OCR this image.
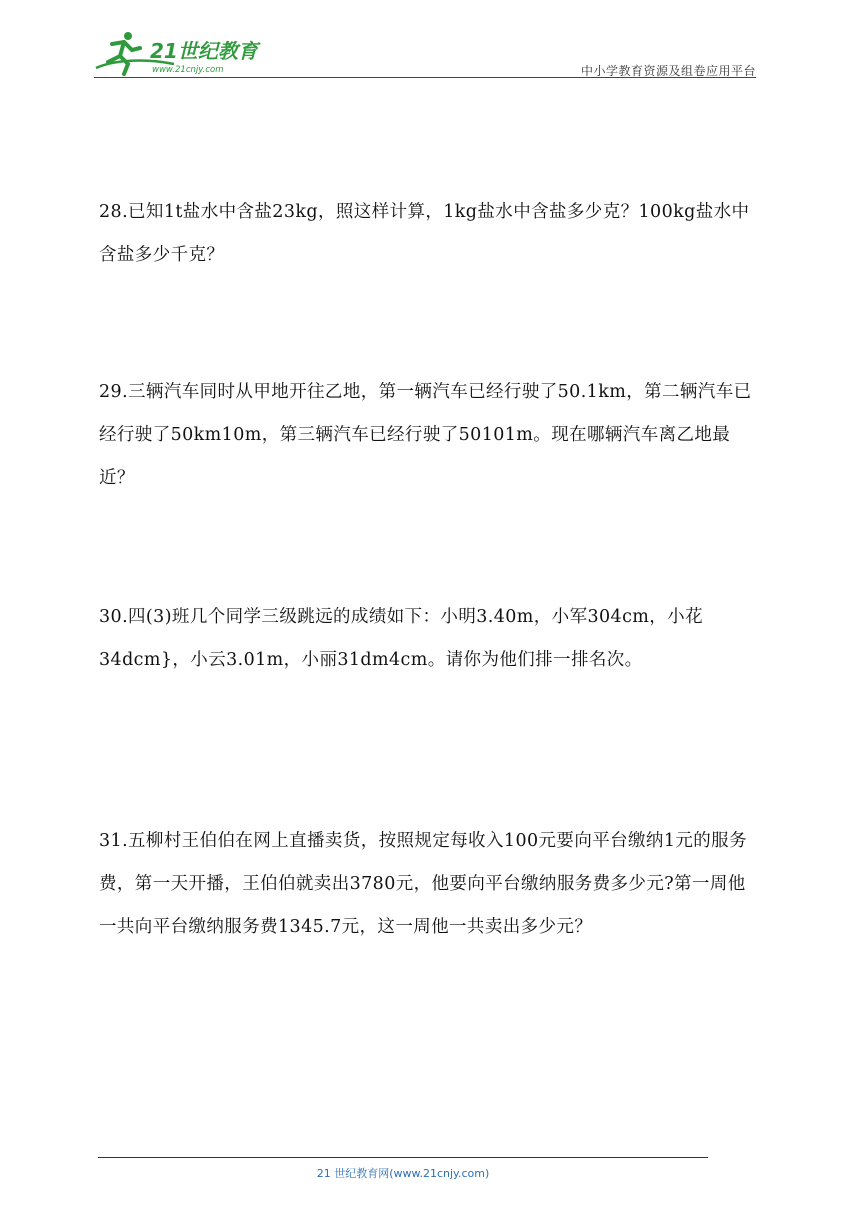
21世纪教育
www.21cnjy.com	中小学教育资源及组卷应用平台

28.已知1t盐水中含盐23kg，照这样计算，1kg盐水中含盐多少克？100kg盐水中含盐多少千克？

29.三辆汽车同时从甲地开往乙地，第一辆汽车已经行驶了50.1km，第二辆汽车已经行驶了50km10m，第三辆汽车已经行驶了50101m。现在哪辆汽车离乙地最近？

30.四(3)班几个同学三级跳远的成绩如下：小明3.40m，小军304cm，小花34dcm}，小云3.01m，小丽31dm4cm。请你为他们排一排名次。

31.五柳村王伯伯在网上直播卖货，按照规定每收入100元要向平台缴纳1元的服务费，第一天开播，王伯伯就卖出3780元，他要向平台缴纳服务费多少元?第一周他一共向平台缴纳服务费1345.7元，这一周他一共卖出多少元？

21 世纪教育网(www.21cnjy.com)
